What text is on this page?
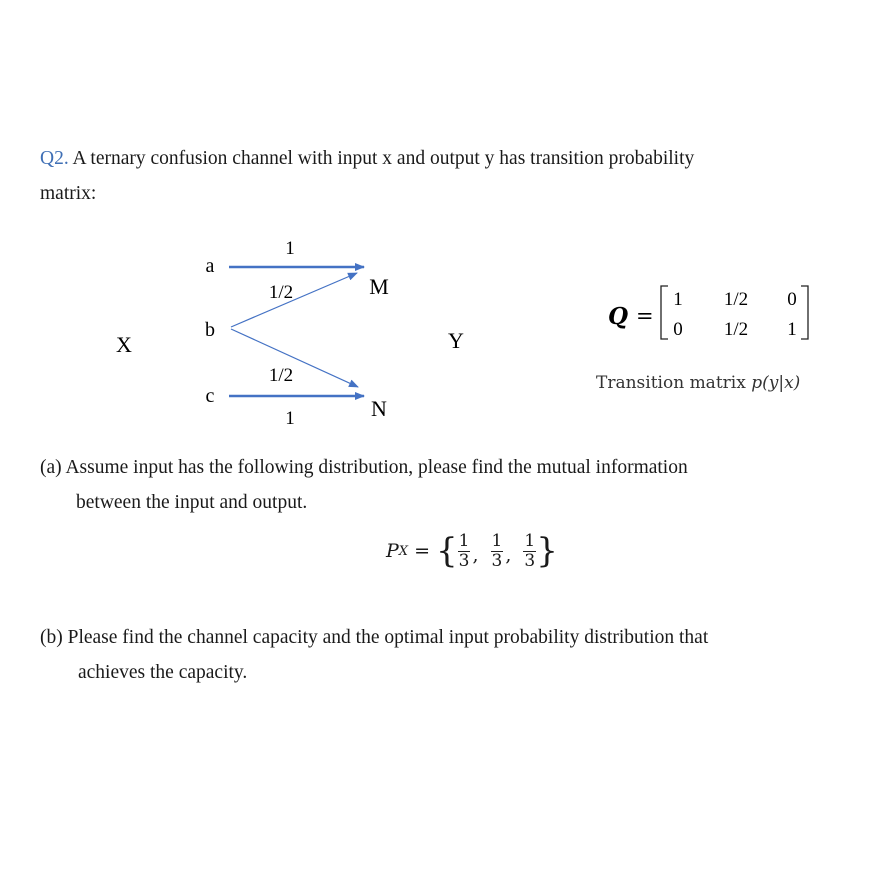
Q2. A ternary confusion channel with input x and output y has transition probability
matrix:
X	Y
a
b
c
M
N
1
1/2
1/2
1
Q =
1 1/2 0
0 1/2 1
Transition matrix p(y|x)
(a) Assume input has the following distribution, please find the mutual information
between the input and output.
P X = { $\frac{1}{3}$ , $\frac{1}{3}$ , $\frac{1}{3}$ }
(b) Please find the channel capacity and the optimal input probability distribution that
achieves the capacity.
